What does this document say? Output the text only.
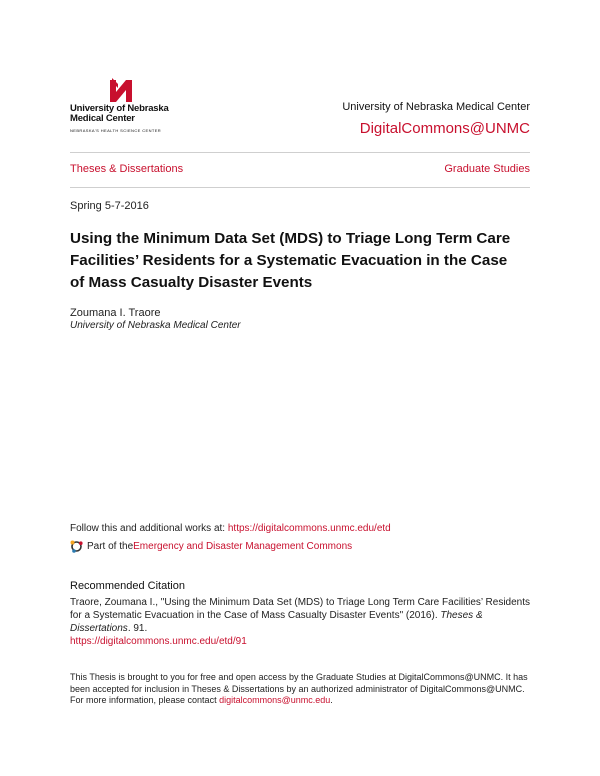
University of Nebraska
Medical Center
NEBRASKA'S HEALTH SCIENCE CENTER
University of Nebraska Medical Center
DigitalCommons@UNMC
Theses & Dissertations	Graduate Studies
Spring 5-7-2016
Using the Minimum Data Set (MDS) to Triage Long Term Care Facilities’ Residents for a Systematic Evacuation in the Case of Mass Casualty Disaster Events
Zoumana I. Traore
University of Nebraska Medical Center
Follow this and additional works at: https://digitalcommons.unmc.edu/etd
Part of the Emergency and Disaster Management Commons
Recommended Citation
Traore, Zoumana I., "Using the Minimum Data Set (MDS) to Triage Long Term Care Facilities’ Residents for a Systematic Evacuation in the Case of Mass Casualty Disaster Events" (2016). Theses & Dissertations. 91.
https://digitalcommons.unmc.edu/etd/91
This Thesis is brought to you for free and open access by the Graduate Studies at DigitalCommons@UNMC. It has been accepted for inclusion in Theses & Dissertations by an authorized administrator of DigitalCommons@UNMC. For more information, please contact digitalcommons@unmc.edu.
